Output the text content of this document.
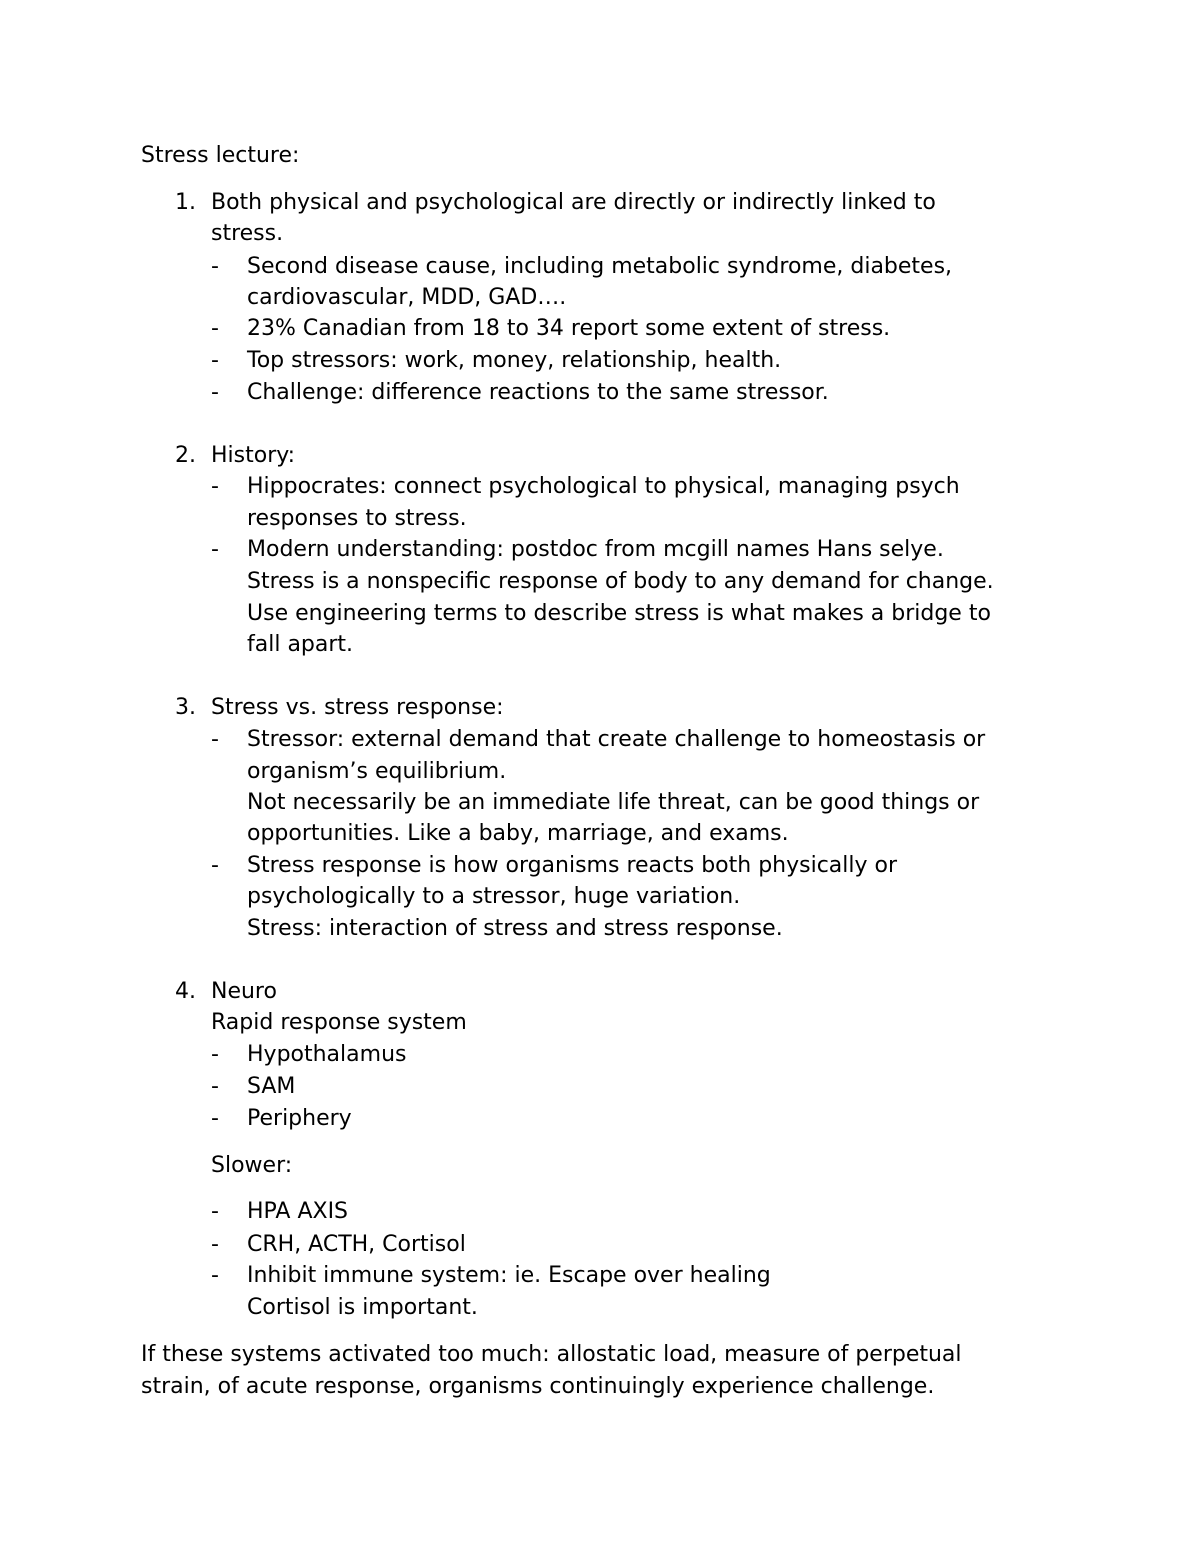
Stress lecture:
1. Both physical and psychological are directly or indirectly linked to
stress.
- Second disease cause, including metabolic syndrome, diabetes,
cardiovascular, MDD, GAD….
- 23% Canadian from 18 to 34 report some extent of stress.
- Top stressors: work, money, relationship, health.
- Challenge: difference reactions to the same stressor.
2. History:
- Hippocrates: connect psychological to physical, managing psych
responses to stress.
- Modern understanding: postdoc from mcgill names Hans selye.
Stress is a nonspecific response of body to any demand for change.
Use engineering terms to describe stress is what makes a bridge to
fall apart.
3. Stress vs. stress response:
- Stressor: external demand that create challenge to homeostasis or
organism’s equilibrium.
Not necessarily be an immediate life threat, can be good things or
opportunities. Like a baby, marriage, and exams.
- Stress response is how organisms reacts both physically or
psychologically to a stressor, huge variation.
Stress: interaction of stress and stress response.
4. Neuro
Rapid response system
- Hypothalamus
- SAM
- Periphery
Slower:
- HPA AXIS
- CRH, ACTH, Cortisol
- Inhibit immune system: ie. Escape over healing
Cortisol is important.
If these systems activated too much: allostatic load, measure of perpetual
strain, of acute response, organisms continuingly experience challenge.
